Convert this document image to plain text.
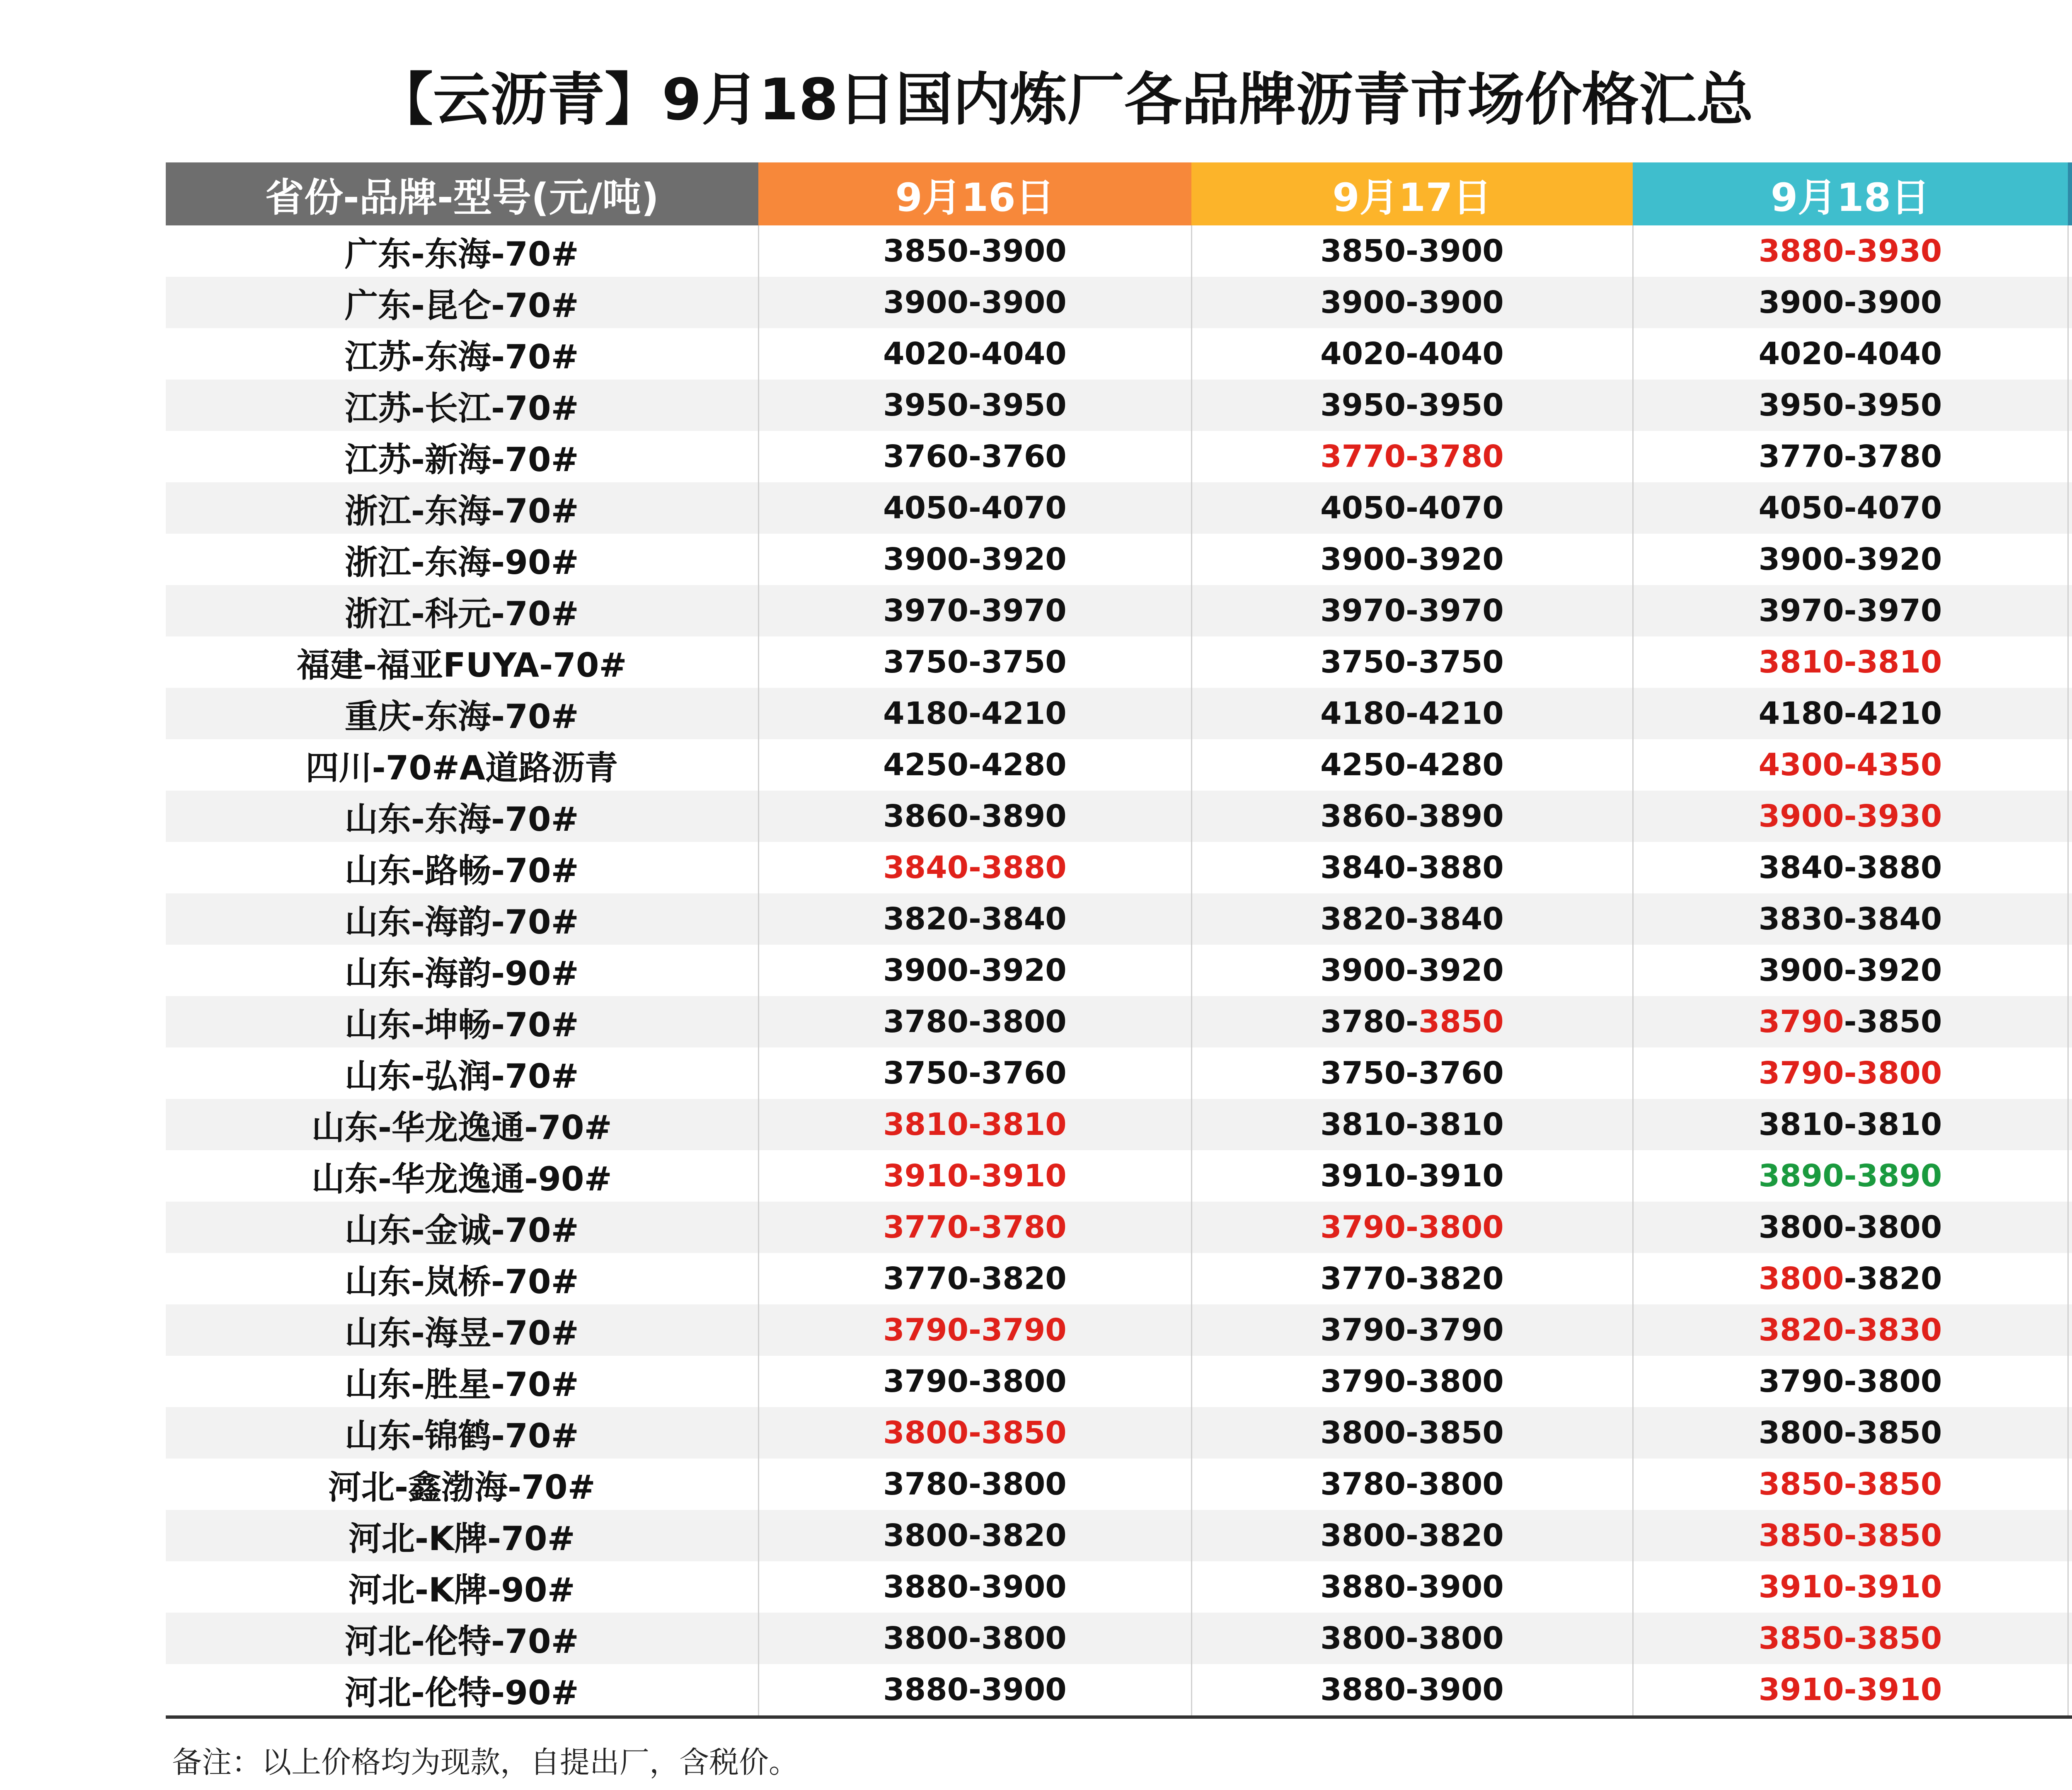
【云沥青】9月18日国内炼厂各品牌沥青市场价格汇总
省份-品牌-型号(元/吨)	9月16日	9月17日	9月18日	
广东-东海-70#	3850-3900	3850-3900	3880-3930	
广东-昆仑-70#	3900-3900	3900-3900	3900-3900	
江苏-东海-70#	4020-4040	4020-4040	4020-4040	
江苏-长江-70#	3950-3950	3950-3950	3950-3950	
江苏-新海-70#	3760-3760	3770-3780	3770-3780	
浙江-东海-70#	4050-4070	4050-4070	4050-4070	
浙江-东海-90#	3900-3920	3900-3920	3900-3920	
浙江-科元-70#	3970-3970	3970-3970	3970-3970	
福建-福亚FUYA-70#	3750-3750	3750-3750	3810-3810	
重庆-东海-70#	4180-4210	4180-4210	4180-4210	
四川-70#A道路沥青	4250-4280	4250-4280	4300-4350	
山东-东海-70#	3860-3890	3860-3890	3900-3930	
山东-路畅-70#	3840-3880	3840-3880	3840-3880	
山东-海韵-70#	3820-3840	3820-3840	3830-3840	
山东-海韵-90#	3900-3920	3900-3920	3900-3920	
山东-坤畅-70#	3780-3800	3780-3850	3790-3850	
山东-弘润-70#	3750-3760	3750-3760	3790-3800	
山东-华龙逸通-70#	3810-3810	3810-3810	3810-3810	
山东-华龙逸通-90#	3910-3910	3910-3910	3890-3890	
山东-金诚-70#	3770-3780	3790-3800	3800-3800	
山东-岚桥-70#	3770-3820	3770-3820	3800-3820	
山东-海昱-70#	3790-3790	3790-3790	3820-3830	
山东-胜星-70#	3790-3800	3790-3800	3790-3800	
山东-锦鹤-70#	3800-3850	3800-3850	3800-3850	
河北-鑫渤海-70#	3780-3800	3780-3800	3850-3850	
河北-K牌-70#	3800-3820	3800-3820	3850-3850	
河北-K牌-90#	3880-3900	3880-3900	3910-3910	
河北-伦特-70#	3800-3800	3800-3800	3850-3850	
河北-伦特-90#	3880-3900	3880-3900	3910-3910	
备注：以上价格均为现款，自提出厂，含税价。
